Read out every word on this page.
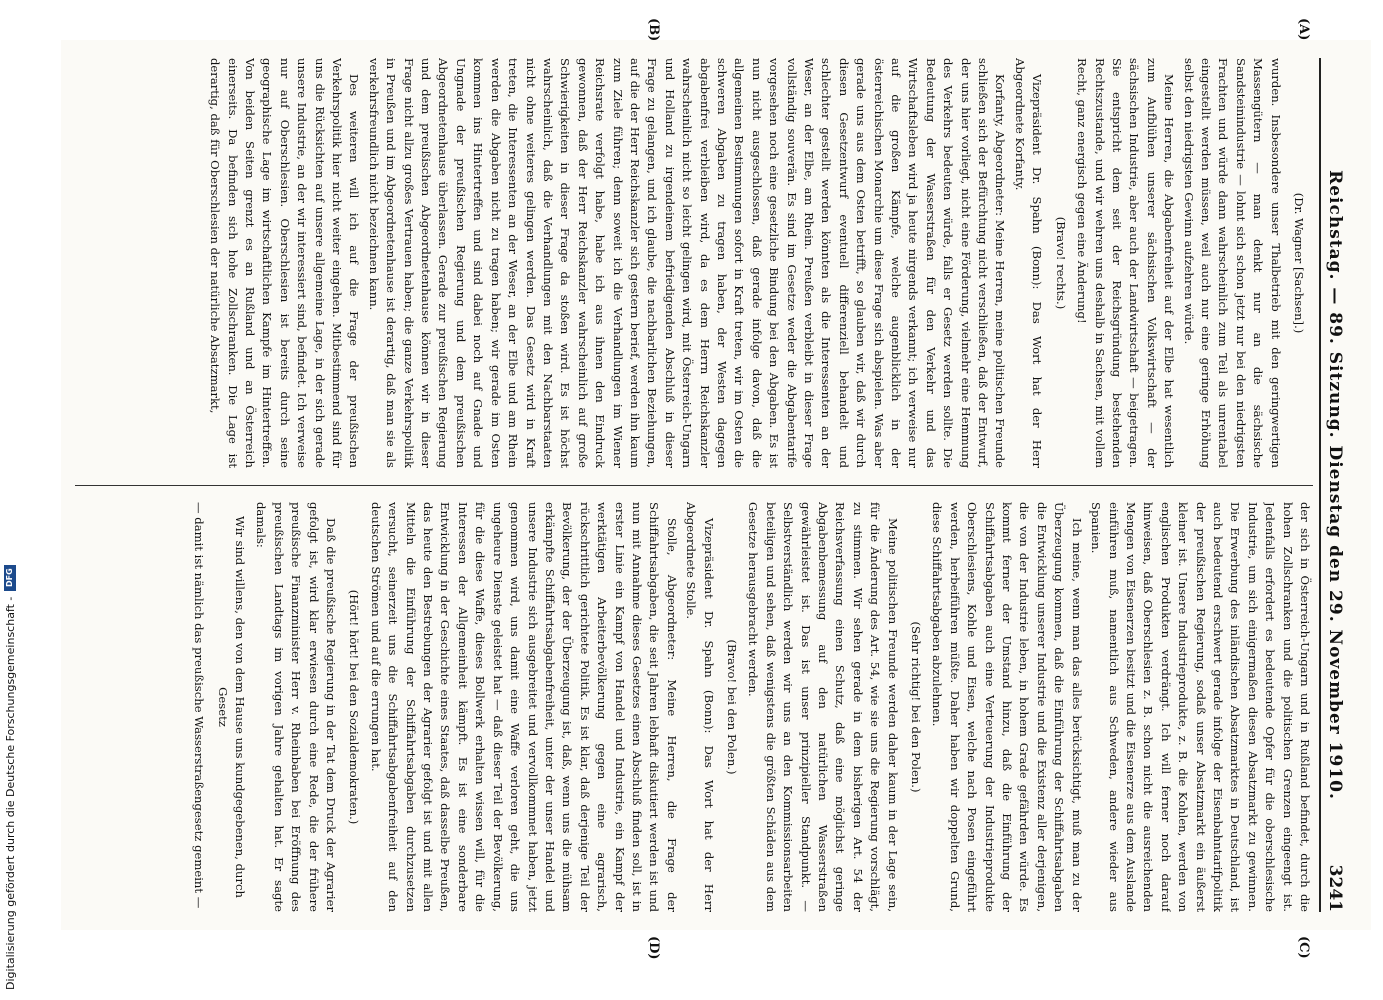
Reichstag. — 89. Sitzung. Dienstag den 29. November 1910.
3241

(Dr. Wagner [Sachsen].)

wurden. Insbesondere unser Thalbetrieb mit den geringwertigen Massengütern — man denkt nur an die sächsische Sandsteinindustrie — lohnt sich schon jetzt nur bei den niedrigsten Frachten und würde dann wahrscheinlich zum Teil als unrentabel eingestellt werden müssen, weil auch nur eine geringe Erhöhung selbst den niedrigsten Gewinn aufzehren würde.

Meine Herren, die Abgabenfreiheit auf der Elbe hat wesentlich zum Aufblühen unserer sächsischen Volkswirtschaft — der sächsischen Industrie, aber auch der Landwirtschaft — beigetragen. Sie entspricht dem seit der Reichsgründung bestehenden Rechtszustande, und wir wehren uns deshalb in Sachsen, mit vollem Recht, ganz energisch gegen eine Änderung!

(Bravo! rechts.)

Vizepräsident Dr. Spahn (Bonn): Das Wort hat der Herr Abgeordnete Korfanty.

Korfanty, Abgeordneter: Meine Herren, meine politischen Freunde schließen sich der Befürchtung nicht verschließen, daß der Entwurf, der uns hier vorliegt, nicht eine Förderung, vielmehr eine Hemmung des Verkehrs bedeuten würde, falls er Gesetz werden sollte. Die Bedeutung der Wasserstraßen für den Verkehr und das Wirtschaftsleben wird ja heute nirgends verkannt; ich verweise nur auf die großen Kämpfe, welche augenblicklich in der österreichischen Monarchie um diese Frage sich abspielen. Was aber gerade uns aus dem Osten betrifft, so glauben wir, daß wir durch diesen Gesetzentwurf eventuell differenziell behandelt und schlechter gestellt werden könnten als die Interessenten an der Weser, an der Elbe, am Rhein. Preußen verbleibt in dieser Frage vollständig souverän. Es sind im Gesetze weder die Abgabentarife vorgesehen noch eine gesetzliche Bindung bei den Abgaben. Es ist nun nicht ausgeschlossen, daß gerade infolge davon, daß die allgemeinen Bestimmungen sofort in Kraft treten, wir im Osten die schweren Abgaben zu tragen haben, der Westen dagegen abgabenfrei verbleiben wird, da es dem Herrn Reichskanzler wahrscheinlich nicht so leicht gelingen wird, mit Österreich-Ungarn und Holland zu irgendeinem befriedigenden Abschluß in dieser Frage zu gelangen, und ich glaube, die nachbarlichen Beziehungen, auf die der Herr Reichskanzler sich gestern berief, werden ihn kaum zum Ziele führen; denn soweit ich die Verhandlungen im Wiener Reichsrate verfolgt habe, habe ich aus ihnen den Eindruck gewonnen, daß der Herr Reichskanzler wahrscheinlich auf große Schwierigkeiten in dieser Frage da stoßen wird. Es ist höchst wahrscheinlich, daß die Verhandlungen mit den Nachbarstaaten nicht ohne weiteres gelingen werden. Das Gesetz wird in Kraft treten, die Interessenten an der Weser, an der Elbe und am Rhein werden die Abgaben nicht zu tragen haben; wir gerade im Osten kommen ins Hintertreffen und sind dabei noch auf Gnade und Ungnade der preußischen Regierung und dem preußischen Abgeordnetenhause überlassen. Gerade zur preußischen Regierung und dem preußischen Abgeordnetenhause können wir in dieser Frage nicht allzu großes Vertrauen haben; die ganze Verkehrspolitik in Preußen und im Abgeordnetenhause ist derartig, daß man sie als verkehrsfreundlich nicht bezeichnen kann.

Des weiteren will ich auf die Frage der preußischen Verkehrspolitik hier nicht weiter eingehen. Mitbestimmend sind für uns die Rücksichten auf unsere allgemeine Lage, in der sich gerade unsere Industrie, an der wir interessiert sind, befindet. Ich verweise nur auf Oberschlesien. Oberschlesien ist bereits durch seine geographische Lage im wirtschaftlichen Kampfe im Hintertreffen. Von beiden Seiten grenzt es an Rußland und an Österreich einerseits. Da befinden sich hohe Zollschranken. Die Lage ist derartig, daß für Oberschlesien der natürliche Absatzmarkt,

der sich in Österreich-Ungarn und in Rußland befindet, durch die hohen Zollschranken und die politischen Grenzen eingeengt ist. Jedenfalls erfordert es bedeutende Opfer für die oberschlesische Industrie, um sich einigermaßen diesen Absatzmarkt zu gewinnen. Die Erwerbung des inländischen Absatzmarktes in Deutschland, ist auch bedeutend erschwert gerade infolge der Eisenbahntarifpolitik der preußischen Regierung, sodaß unser Absatzmarkt ein äußerst kleiner ist. Unsere Industrieprodukte, z. B. die Kohlen, werden von englischen Produkten verdrängt. Ich will ferner noch darauf hinweisen, daß Oberschlesien z. B. schon nicht die ausreichenden Mengen von Eisenerzen besitzt und die Eisenerze aus dem Auslande einführen muß, namentlich aus Schweden, andere wieder aus Spanien.

Ich meine, wenn man das alles berücksichtigt, muß man zu der Überzeugung kommen, daß die Einführung der Schiffahrtsabgaben die Entwicklung unserer Industrie und die Existenz aller derjenigen, die von der Industrie leben, in hohem Grade gefährden würde. Es kommt ferner der Umstand hinzu, daß die Einführung der Schiffahrtsabgaben auch eine Verteuerung der Industrieprodukte Oberschlesiens, Kohle und Eisen, welche nach Posen eingeführt werden, herbeiführen müßte. Daher haben wir doppelten Grund, diese Schiffahrtsabgaben abzulehnen.

(Sehr richtig! bei den Polen.)

Meine politischen Freunde werden daher kaum in der Lage sein, für die Änderung des Art. 54, wie sie uns die Regierung vorschlägt, zu stimmen. Wir sehen gerade in dem bisherigen Art. 54 der Reichsverfassung einen Schutz, daß eine möglichst geringe Abgabenbemessung auf den natürlichen Wasserstraßen gewährleistet ist. Das ist unser prinzipieller Standpunkt. — Selbstverständlich werden wir uns an den Kommissionsarbeiten beteiligen und sehen, daß wenigstens die größten Schäden aus dem Gesetze herausgebracht werden.

(Bravo! bei den Polen.)

Vizepräsident Dr. Spahn (Bonn): Das Wort hat der Herr Abgeordnete Stolle.

Stolle, Abgeordneter: Meine Herren, die Frage der Schiffahrtsabgaben, die seit Jahren lebhaft diskutiert werden ist und nun mit Annahme dieses Gesetzes einen Abschluß finden soll, ist in erster Linie ein Kampf von Handel und Industrie, ein Kampf der werktätigen Arbeiterbevölkerung gegen eine agrarisch, rückschrittlich gerichtete Politik. Es ist klar, daß derjenige Teil der Bevölkerung, der der Überzeugung ist, daß, wenn uns die mühsam erkämpfte Schiffahrtsabgabenfreiheit, unter der unser Handel und unsere Industrie sich ausgebreitet und vervollkommnet haben, jetzt genommen wird, uns damit eine Waffe verloren geht, die uns ungeheure Dienste geleistet hat — daß dieser Teil der Bevölkerung, für die diese Waffe, dieses Bollwerk erhalten wissen will, für die Interessen der Allgemeinheit kämpft. Es ist eine sonderbare Entwicklung in der Geschichte eines Staates, daß dasselbe Preußen, das heute den Bestrebungen der Agrarier gefolgt ist und mit allen Mitteln die Einführung der Schiffahrtsabgaben durchzusetzen versucht, seinerzeit uns die Schiffahrtsabgabenfreiheit auf den deutschen Strömen und auf die errungen hat.

(Hört! hört! bei den Sozialdemokraten.)

Daß die preußische Regierung in der Tat dem Druck der Agrarier gefolgt ist, wird klar erwiesen durch eine Rede, die der frühere preußische Finanzminister Herr v. Rheinbaben bei Eröffnung des preußischen Landtags im vorigen Jahre gehalten hat. Er sagte damals:

Wir sind willens, den von dem Hause uns kundgegebenen, durch Gesetz

— damit ist nämlich das preußische Wasserstraßengesetz gemeint —

(A)
(B)
(C)
(D)
Digitalisierung gefördert durch die Deutsche Forschungsgemeinschaft -
DFG
